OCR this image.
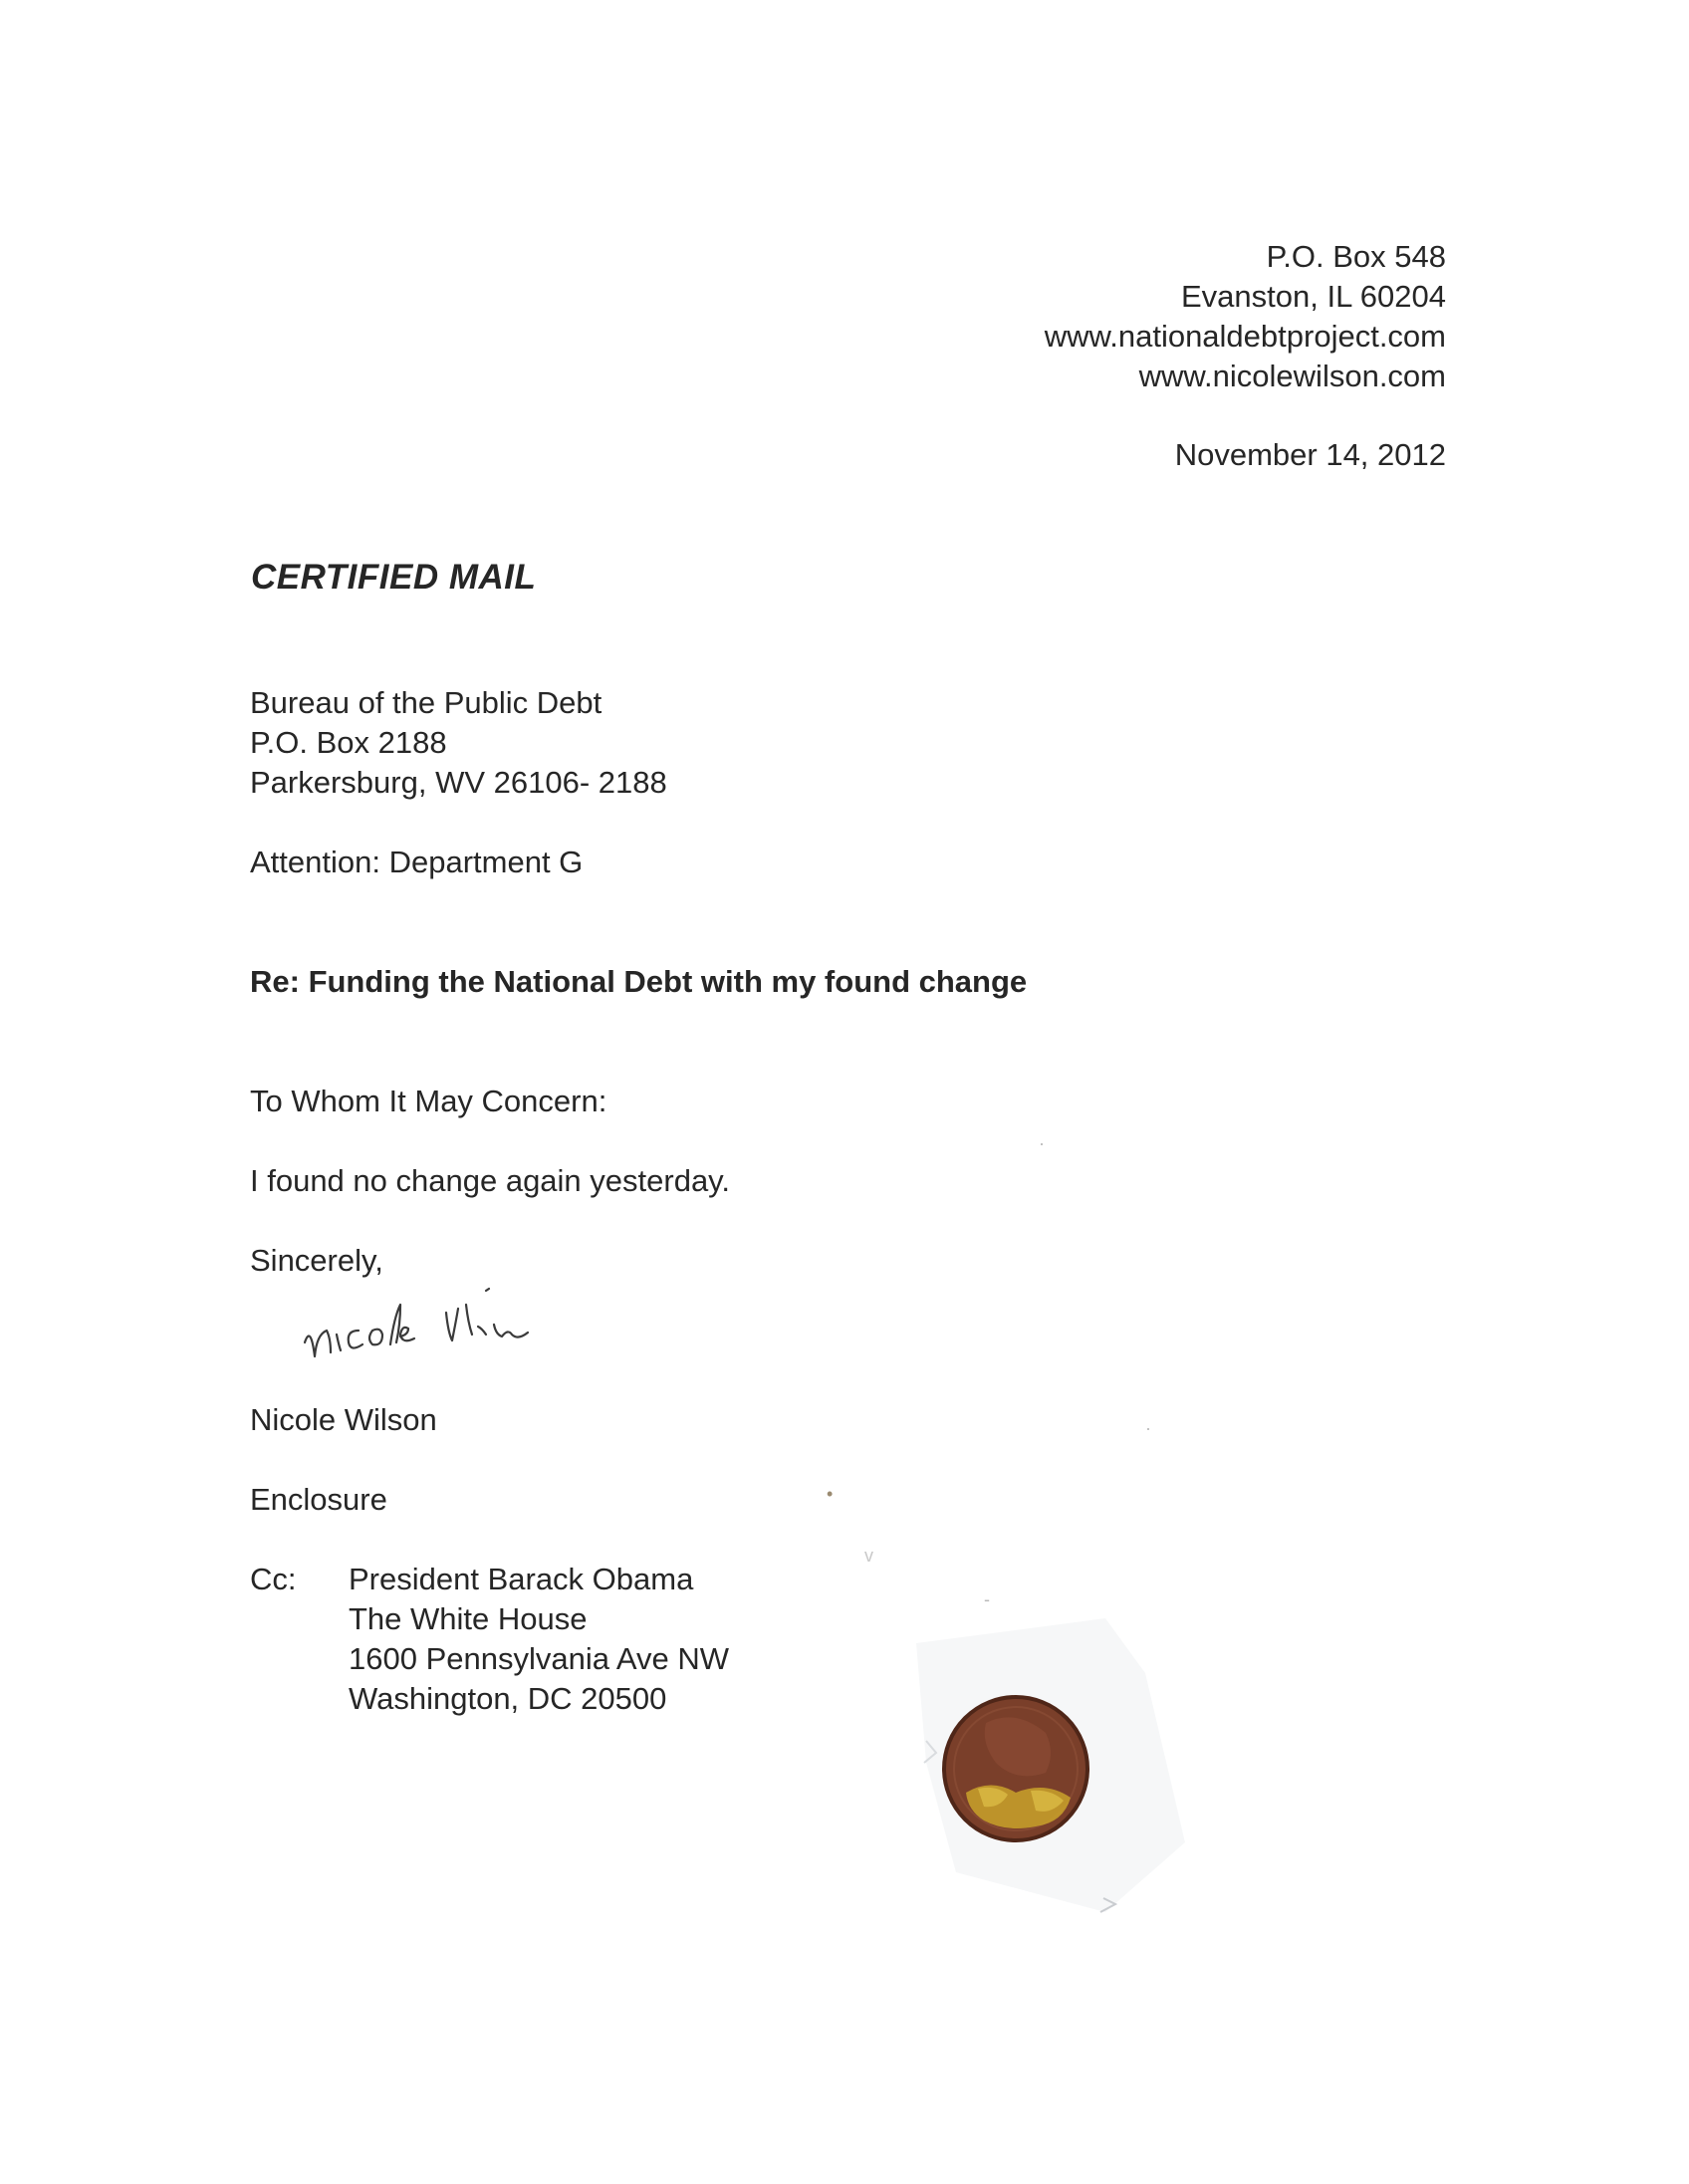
P.O. Box 548
Evanston, IL 60204
www.nationaldebtproject.com
www.nicolewilson.com
November 14, 2012
CERTIFIED MAIL
Bureau of the Public Debt
P.O. Box 2188
Parkersburg, WV 26106- 2188
Attention: Department G
Re: Funding the National Debt with my found change
To Whom It May Concern:
I found no change again yesterday.
Sincerely,
Nicole Wilson
Nicole Wilson
Enclosure
Cc: President Barack Obama
The White House
1600 Pennsylvania Ave NW
Washington, DC 20500
·
·
•
v
-
